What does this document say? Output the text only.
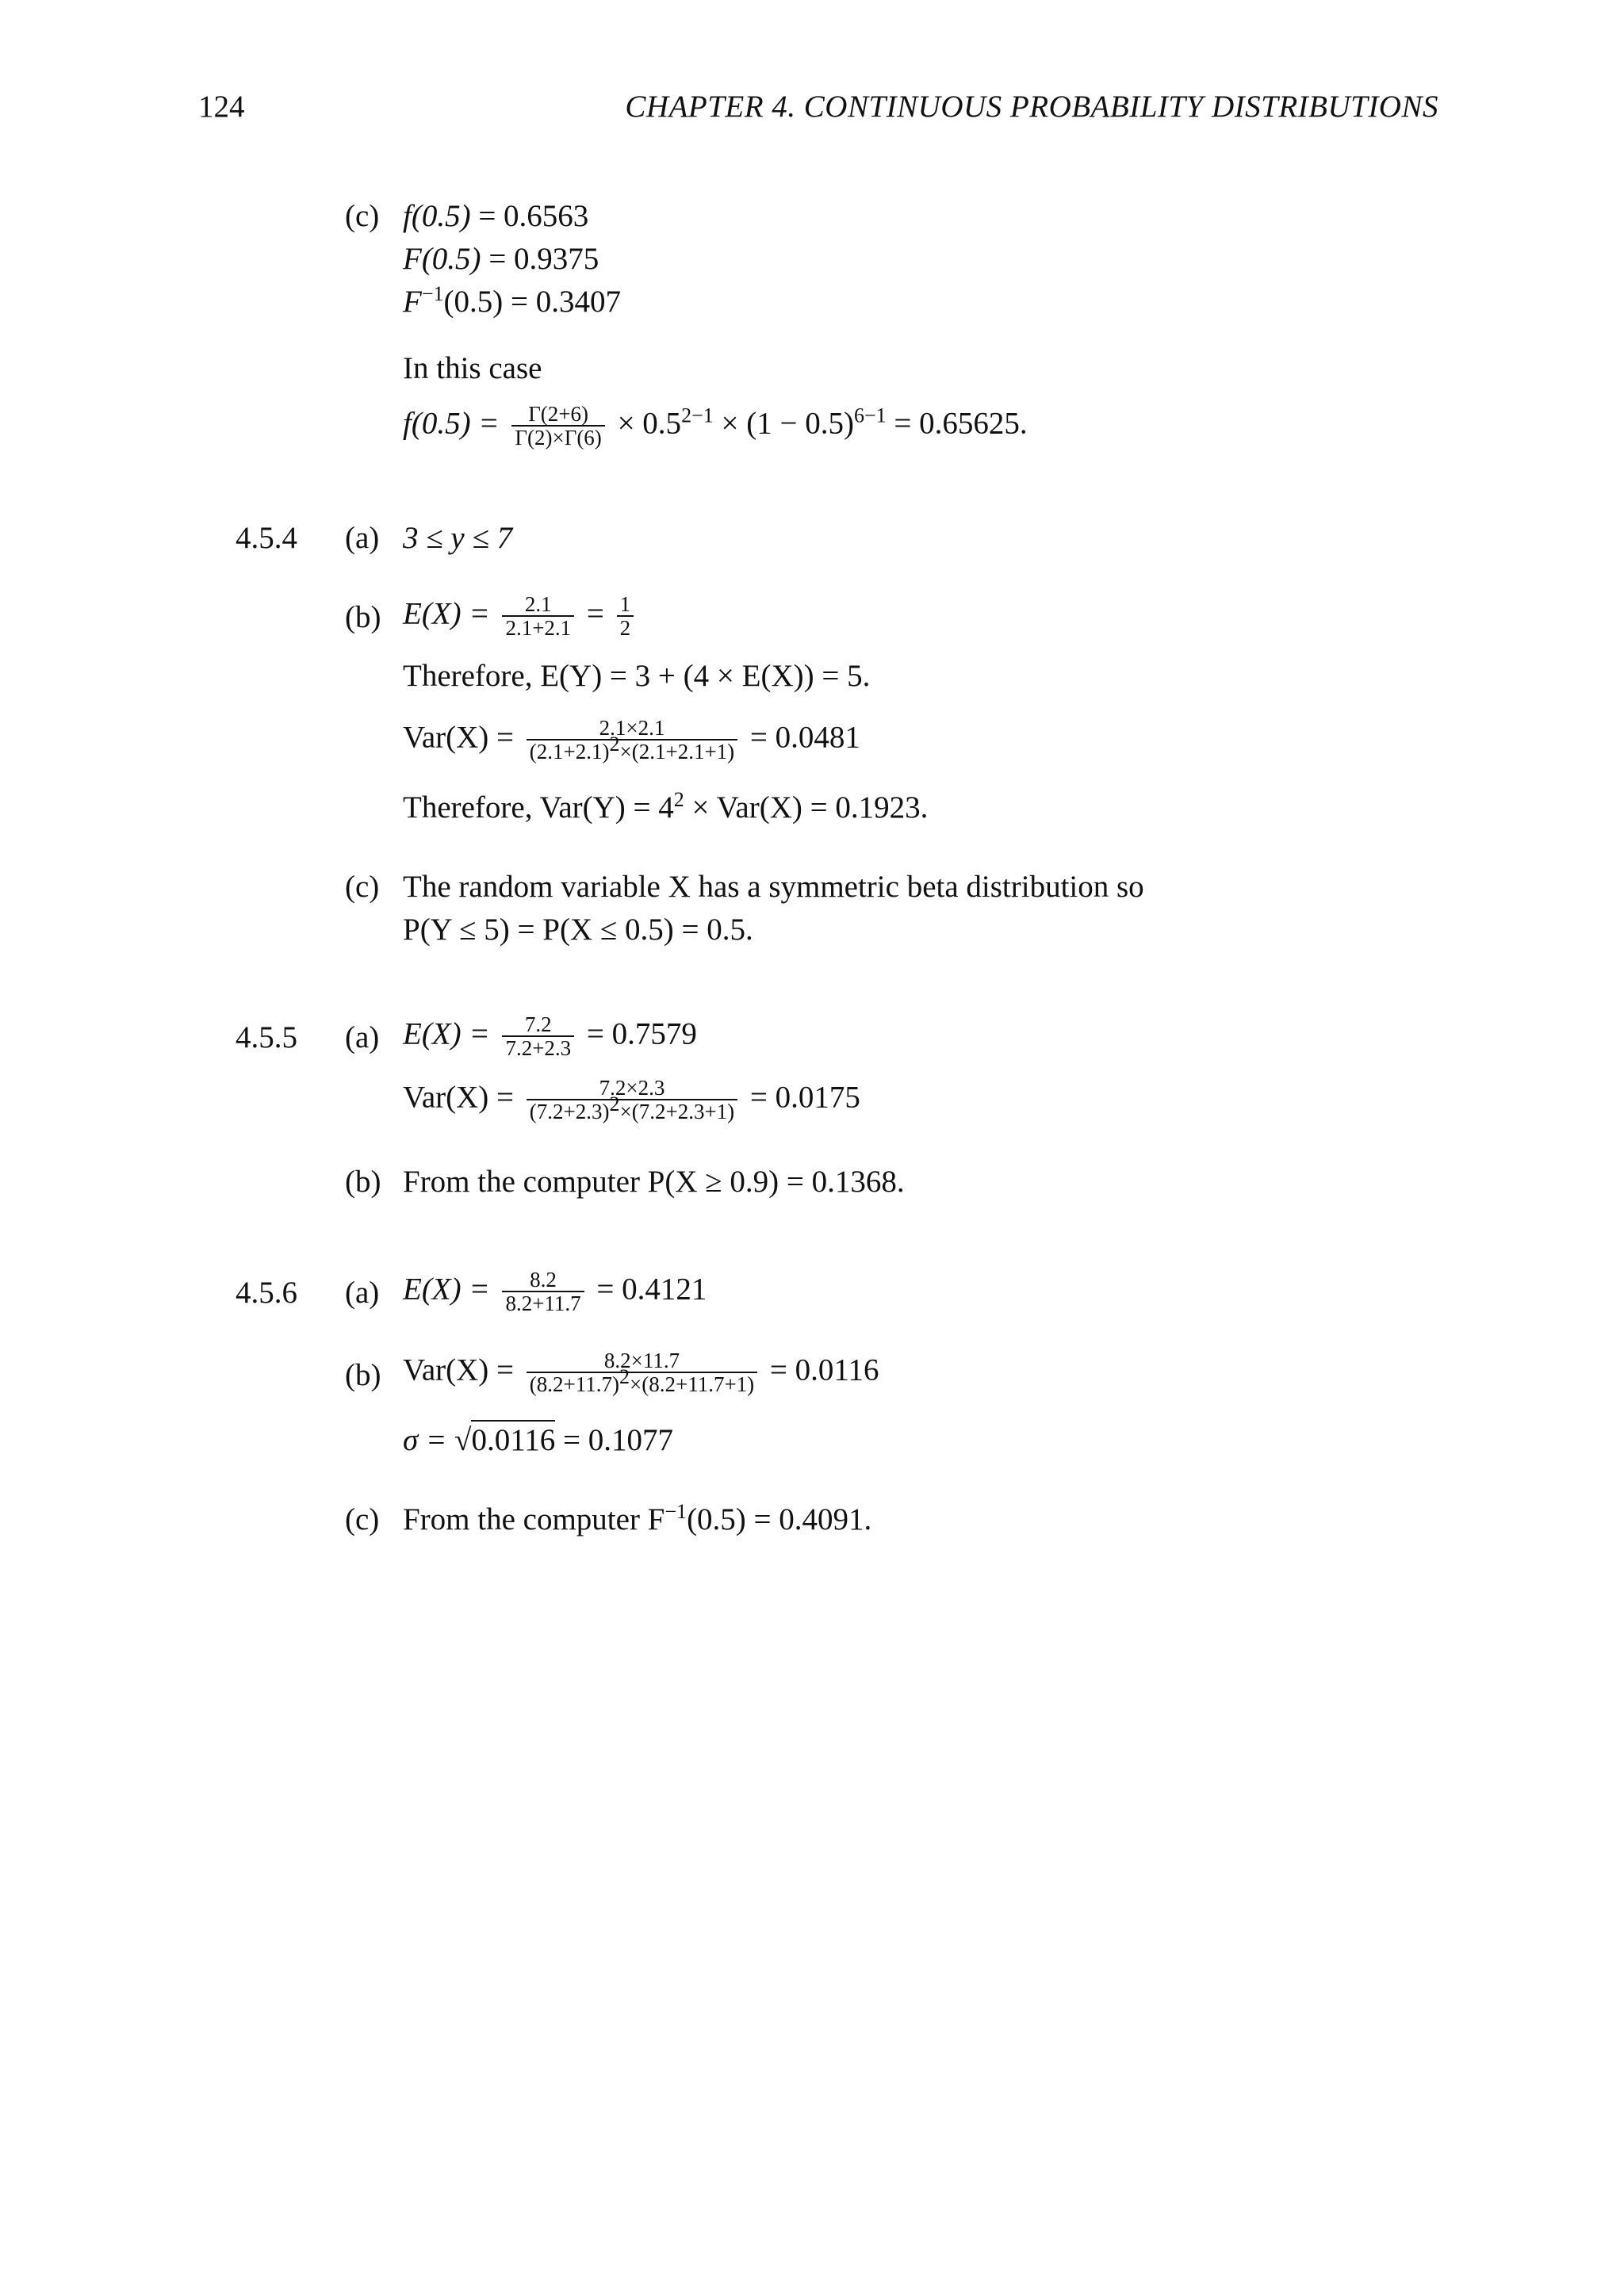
124	CHAPTER 4. CONTINUOUS PROBABILITY DISTRIBUTIONS
(c) f(0.5) = 0.6563
F(0.5) = 0.9375
$F^{-1}(0.5) = 0.3407$
In this case
$f(0.5) = \frac{\Gamma(2+6)}{\Gamma(2)\times\Gamma(6)} \times 0.5^{2-1} \times (1 - 0.5)^{6-1} = 0.65625$.
4.5.4 (a) 3 ≤ y ≤ 7
(b) $E(X) = \frac{2.1}{2.1+2.1} = \frac{1}{2}$
Therefore, E(Y) = 3 + (4 × E(X)) = 5.
$Var(X) = \frac{2.1\times 2.1}{(2.1+2.1)^2\times(2.1+2.1+1)} = 0.0481$
Therefore, $Var(Y) = 4^2 \times Var(X) = 0.1923$.
(c) The random variable X has a symmetric beta distribution so
P(Y ≤ 5) = P(X ≤ 0.5) = 0.5.
4.5.5 (a) $E(X) = \frac{7.2}{7.2+2.3} = 0.7579$
$Var(X) = \frac{7.2\times 2.3}{(7.2+2.3)^2\times(7.2+2.3+1)} = 0.0175$
(b) From the computer P(X ≥ 0.9) = 0.1368.
4.5.6 (a) $E(X) = \frac{8.2}{8.2+11.7} = 0.4121$
(b) $Var(X) = \frac{8.2\times 11.7}{(8.2+11.7)^2\times(8.2+11.7+1)} = 0.0116$
σ = √0.0116 = 0.1077
(c) From the computer $F^{-1}(0.5) = 0.4091$.
